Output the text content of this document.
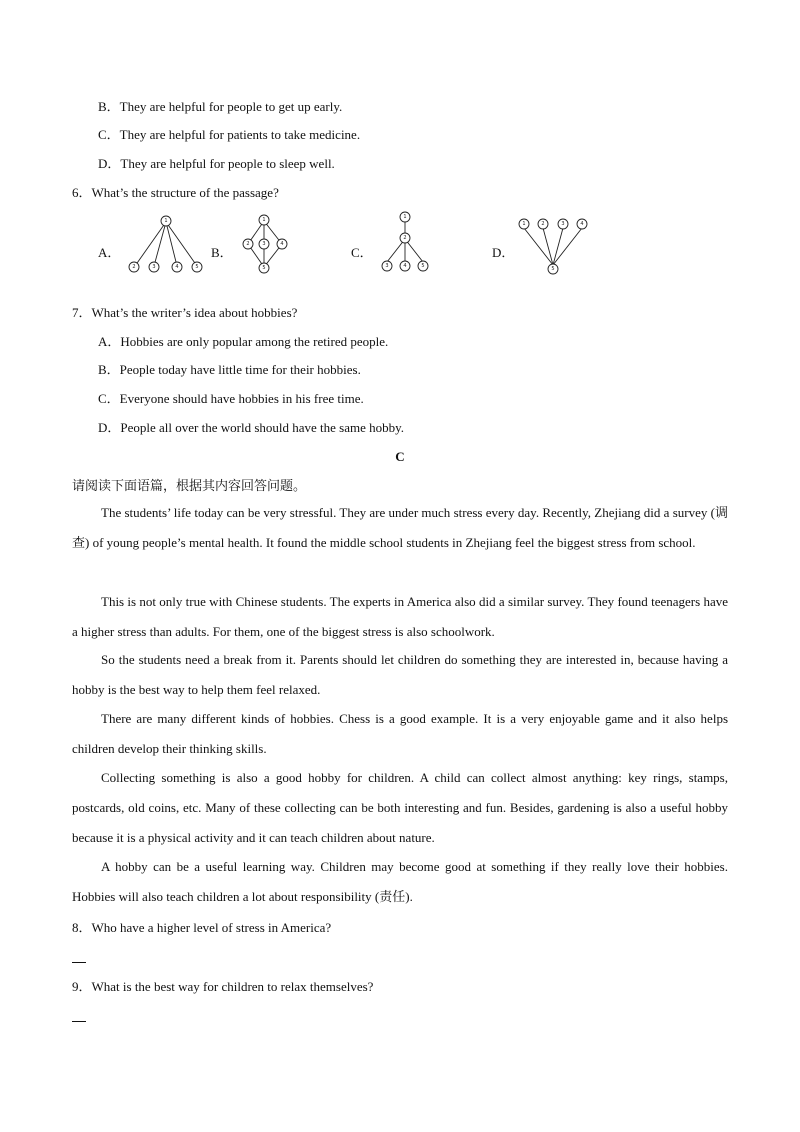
B．They are helpful for people to get up early.
C．They are helpful for patients to take medicine.
D．They are helpful for people to sleep well.
6．What’s the structure of the passage?
A．
1
2	3	4	5
B．
1
2	3	4
5
C．
1
2
3	4	5
D．
1	2	3	4
5
7．What’s the writer’s idea about hobbies?
A．Hobbies are only popular among the retired people.
B．People today have little time for their hobbies.
C．Everyone should have hobbies in his free time.
D．People all over the world should have the same hobby.
C
请阅读下面语篇，根据其内容回答问题。
The students’ life today can be very stressful. They are under much stress every day. Recently, Zhejiang did a survey (调查) of young people’s mental health. It found the middle school students in Zhejiang feel the biggest stress from school.
This is not only true with Chinese students. The experts in America also did a similar survey. They found teenagers have a higher stress than adults. For them, one of the biggest stress is also schoolwork.
So the students need a break from it. Parents should let children do something they are interested in, because having a hobby is the best way to help them feel relaxed.
There are many different kinds of hobbies. Chess is a good example. It is a very enjoyable game and it also helps children develop their thinking skills.
Collecting something is also a good hobby for children. A child can collect almost anything: key rings, stamps, postcards, old coins, etc. Many of these collecting can be both interesting and fun. Besides, gardening is also a useful hobby because it is a physical activity and it can teach children about nature.
A hobby can be a useful learning way. Children may become good at something if they really love their hobbies. Hobbies will also teach children a lot about responsibility (责任).
8．Who have a higher level of stress in America?
9．What is the best way for children to relax themselves?
